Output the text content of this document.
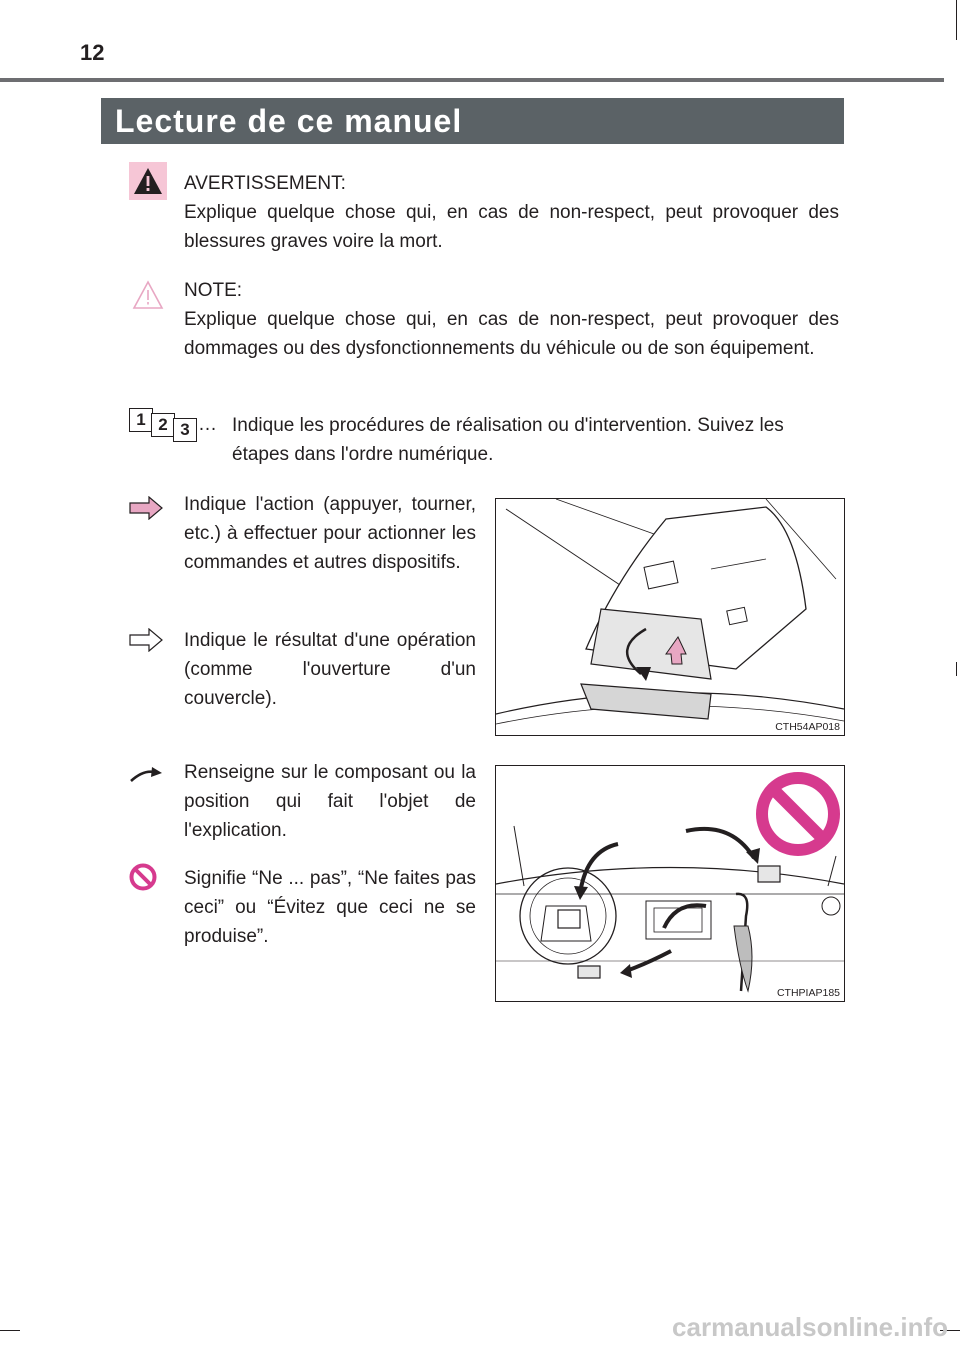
12
Lecture de ce manuel
AVERTISSEMENT:
Explique quelque chose qui, en cas de non-respect, peut provoquer des blessures graves voire la mort.
NOTE:
Explique quelque chose qui, en cas de non-respect, peut provoquer des dommages ou des dysfonctionnements du véhicule ou de son équipement.
1 2 3 … Indique les procédures de réalisation ou d'intervention. Suivez les
étapes dans l'ordre numérique.
Indique l'action (appuyer, tourner, etc.) à effectuer pour actionner les commandes et autres dispositifs.
Indique le résultat d'une opération (comme l'ouverture d'un couvercle).
CTH54AP018
Renseigne sur le composant ou la position qui fait l'objet de l'explication.
Signifie “Ne ... pas”, “Ne faites pas ceci” ou “Évitez que ceci ne se produise”.
CTHPIAP185
carmanualsonline.info
